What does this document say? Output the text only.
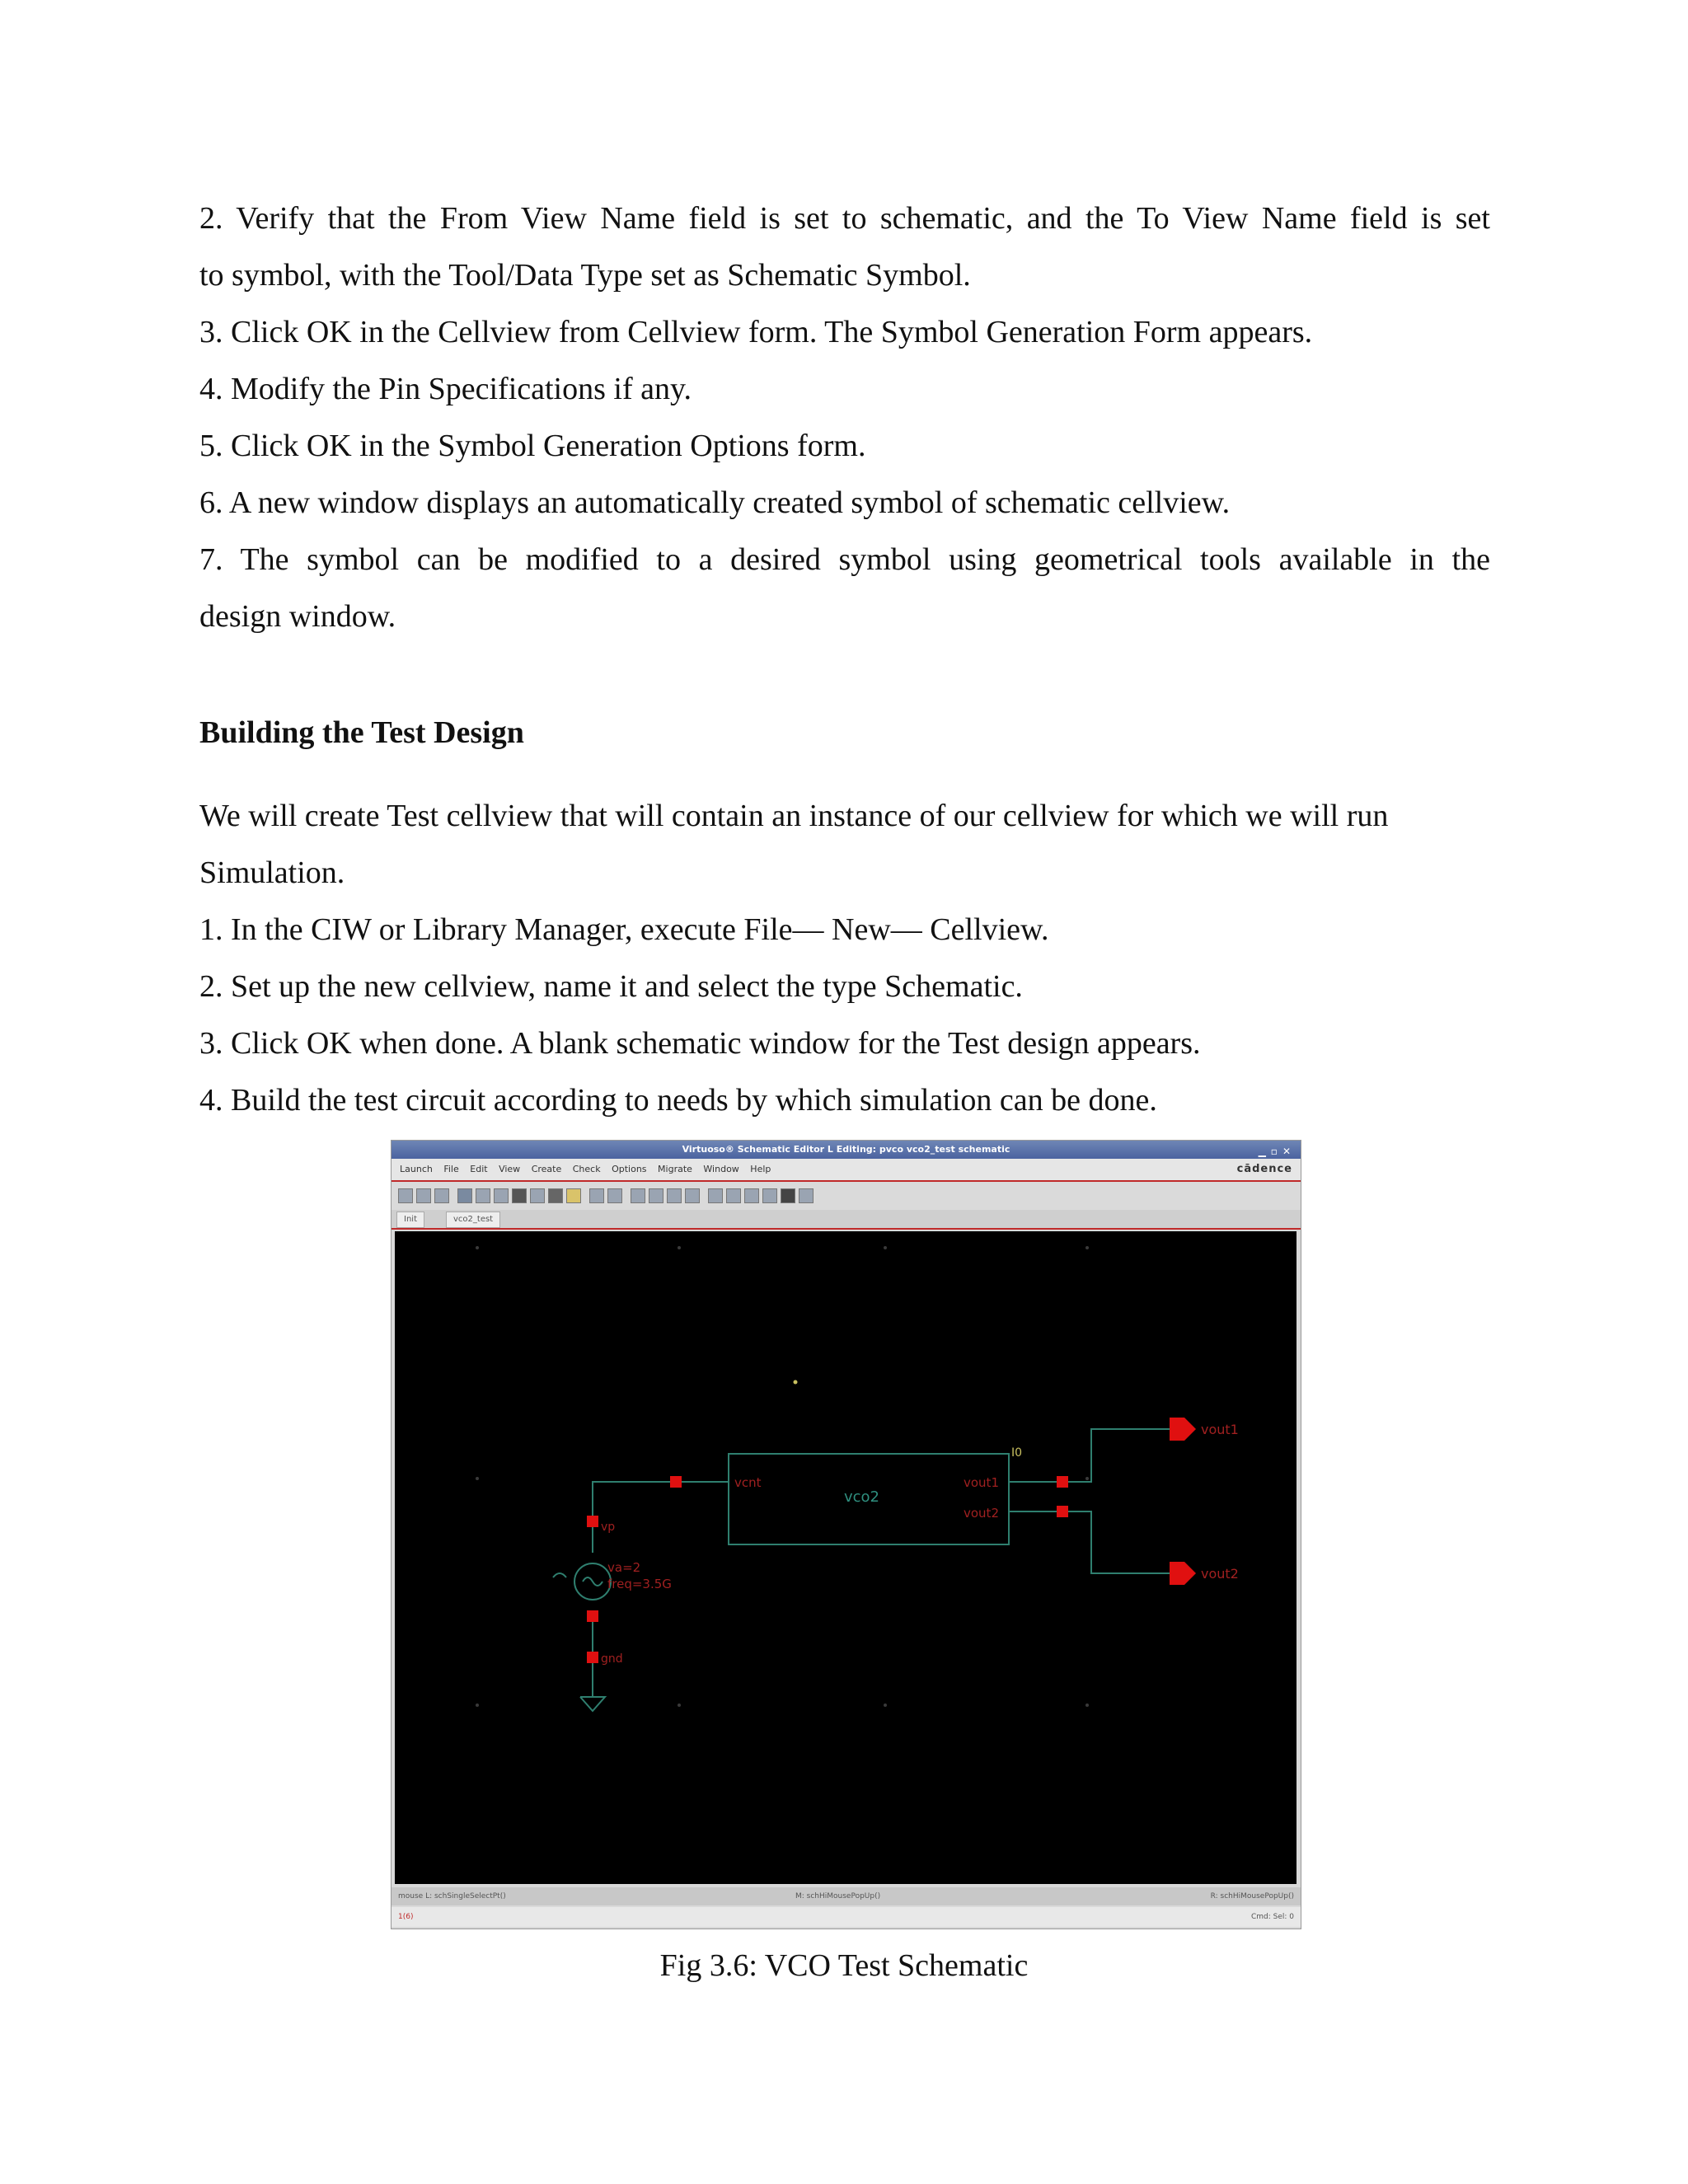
2. Verify that the From View Name field is set to schematic, and the To View Name field is set
to symbol, with the Tool/Data Type set as Schematic Symbol.
3. Click OK in the Cellview from Cellview form. The Symbol Generation Form appears.
4. Modify the Pin Specifications if any.
5. Click OK in the Symbol Generation Options form.
6. A new window displays an automatically created symbol of schematic cellview.
7. The symbol can be modified to a desired symbol using geometrical tools available in the
design window.
Building the Test Design
We will create Test cellview that will contain an instance of our cellview for which we will run
Simulation.
1. In the CIW or Library Manager, execute File— New— Cellview.
2. Set up the new cellview, name it and select the type Schematic.
3. Click OK when done. A blank schematic window for the Test design appears.
4. Build the test circuit according to needs by which simulation can be done.
Virtuoso® Schematic Editor L Editing: pvco vco2_test schematic	▁▫✕
Launch File Edit View Create Check Options Migrate Window Help	cādence
Init	vco2_test
vco2
vcnt	vout1
vout2
I0
va=2
freq=3.5G
vp
gnd
vout1
vout2
mouse L: schSingleSelectPt()	M: schHiMousePopUp()	R: schHiMousePopUp()
1(6)	Cmd: Sel: 0
Fig 3.6: VCO Test Schematic
